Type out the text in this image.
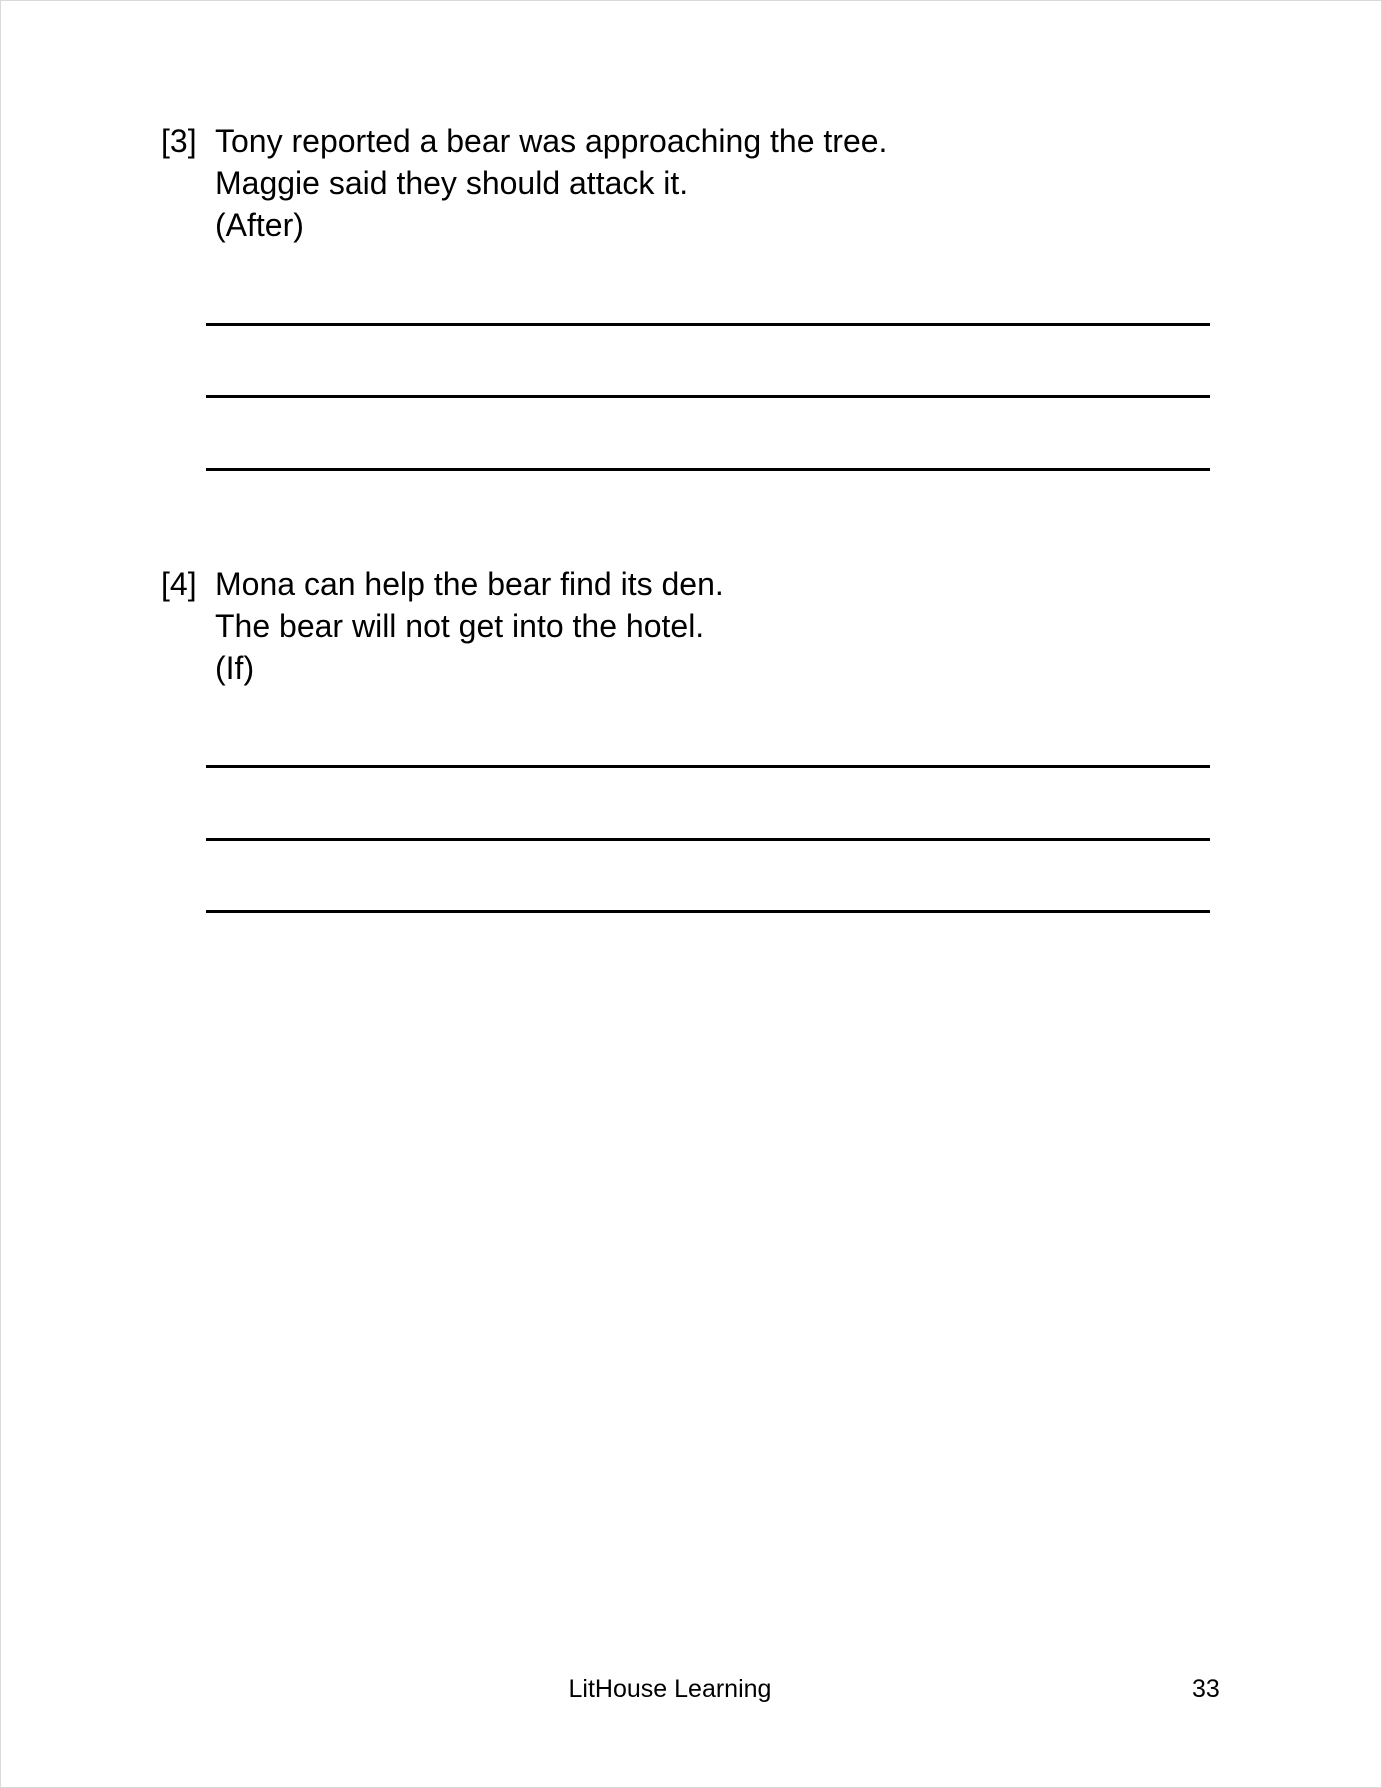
[3] Tony reported a bear was approaching the tree.
Maggie said they should attack it.
(After)
[4] Mona can help the bear find its den.
The bear will not get into the hotel.
(If)
LitHouse Learning	33
